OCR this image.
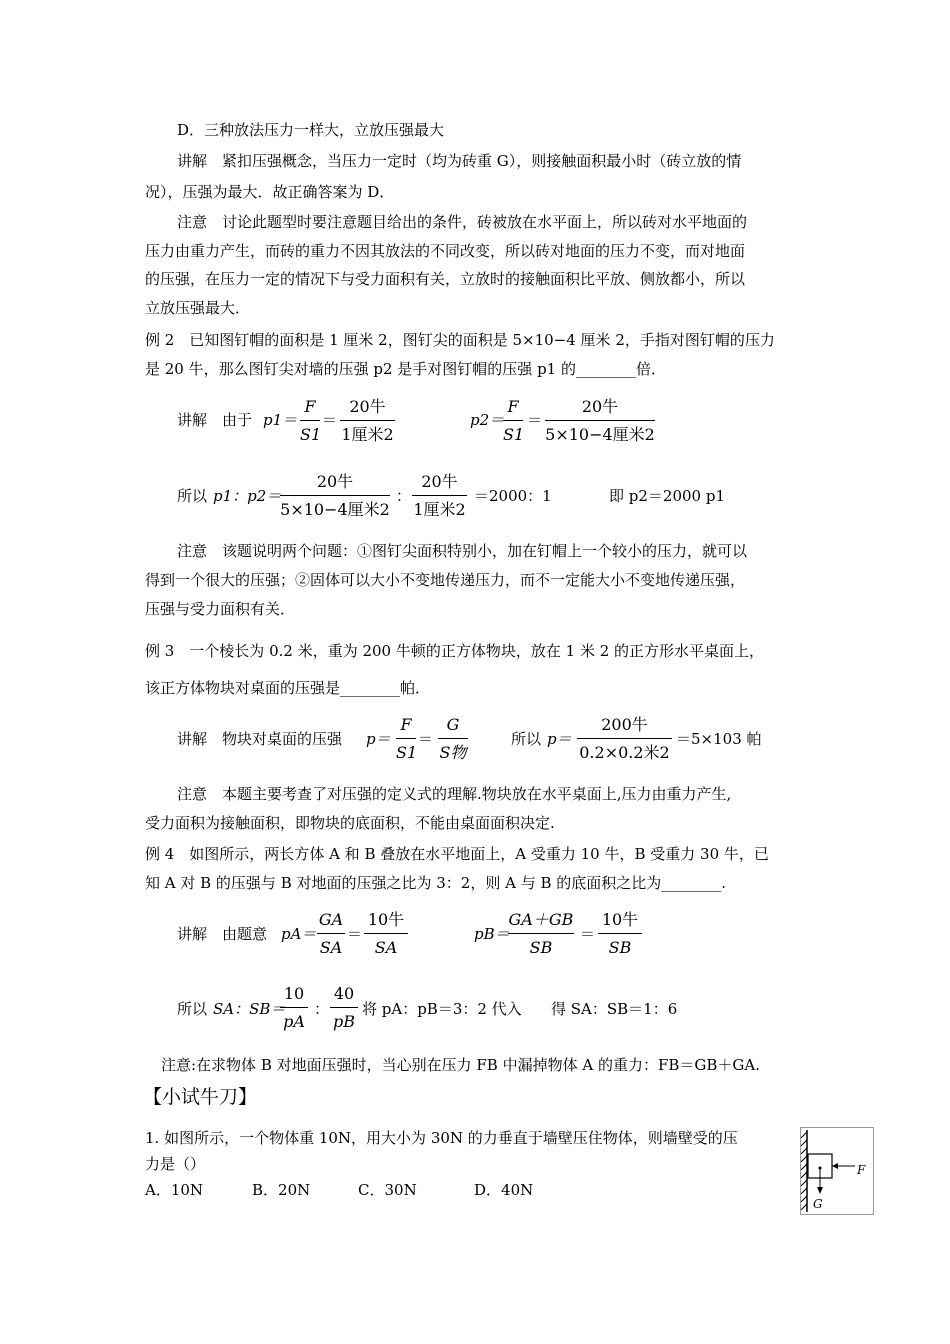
D．三种放法压力一样大，立放压强最大
讲解　紧扣压强概念，当压力一定时（均为砖重 G），则接触面积最小时（砖立放的情
况），压强为最大．故正确答案为 D．
注意　讨论此题型时要注意题目给出的条件，砖被放在水平面上，所以砖对水平地面的
压力由重力产生，而砖的重力不因其放法的不同改变，所以砖对地面的压力不变，而对地面
的压强，在压力一定的情况下与受力面积有关，立放时的接触面积比平放、侧放都小，所以
立放压强最大．
例 2　已知图钉帽的面积是 1 厘米 2，图钉尖的面积是 5×10−4 厘米 2，手指对图钉帽的压力
是 20 牛，那么图钉尖对墙的压强 p2 是手对图钉帽的压强 p1 的________倍．
讲解　由于 p1＝
F
S1
＝
20牛
1厘米2
p2＝
F
S1
＝
20牛
5×10−4厘米2
所以 p1：p2＝
20牛
5×10−4厘米2
：
20牛
1厘米2
＝2000：1	即 p2＝2000 p1
注意　该题说明两个问题：①图钉尖面积特别小，加在钉帽上一个较小的压力，就可以
得到一个很大的压强；②固体可以大小不变地传递压力，而不一定能大小不变地传递压强，
压强与受力面积有关．
例 3　一个棱长为 0.2 米，重为 200 牛顿的正方体物块，放在 1 米 2 的正方形水平桌面上，
该正方体物块对桌面的压强是________帕．
讲解　物块对桌面的压强 p＝
F
S1
＝
G
S物
所以 p＝
200牛
0.2×0.2米2
＝5×103 帕
注意　本题主要考查了对压强的定义式的理解.物块放在水平桌面上,压力由重力产生,
受力面积为接触面积，即物块的底面积，不能由桌面面积决定.
例 4　如图所示，两长方体 A 和 B 叠放在水平地面上，A 受重力 10 牛，B 受重力 30 牛，已
知 A 对 B 的压强与 B 对地面的压强之比为 3：2，则 A 与 B 的底面积之比为________.
讲解　由题意 pA＝
GA
SA
＝
10牛
SA
pB＝
GA＋GB
SB
＝
10牛
SB
所以 SA：SB＝
10
pA
：
40
pB
将 pA：pB＝3：2 代入 得 SA：SB＝1：6
注意:在求物体 B 对地面压强时，当心别在压力 FB 中漏掉物体 A 的重力：FB＝GB＋GA.
【小试牛刀】
1. 如图所示，一个物体重 10N，用大小为 30N 的力垂直于墙壁压住物体，则墙壁受的压
力是（）
A．10N	B．20N	C．30N	D．40N
F
G
